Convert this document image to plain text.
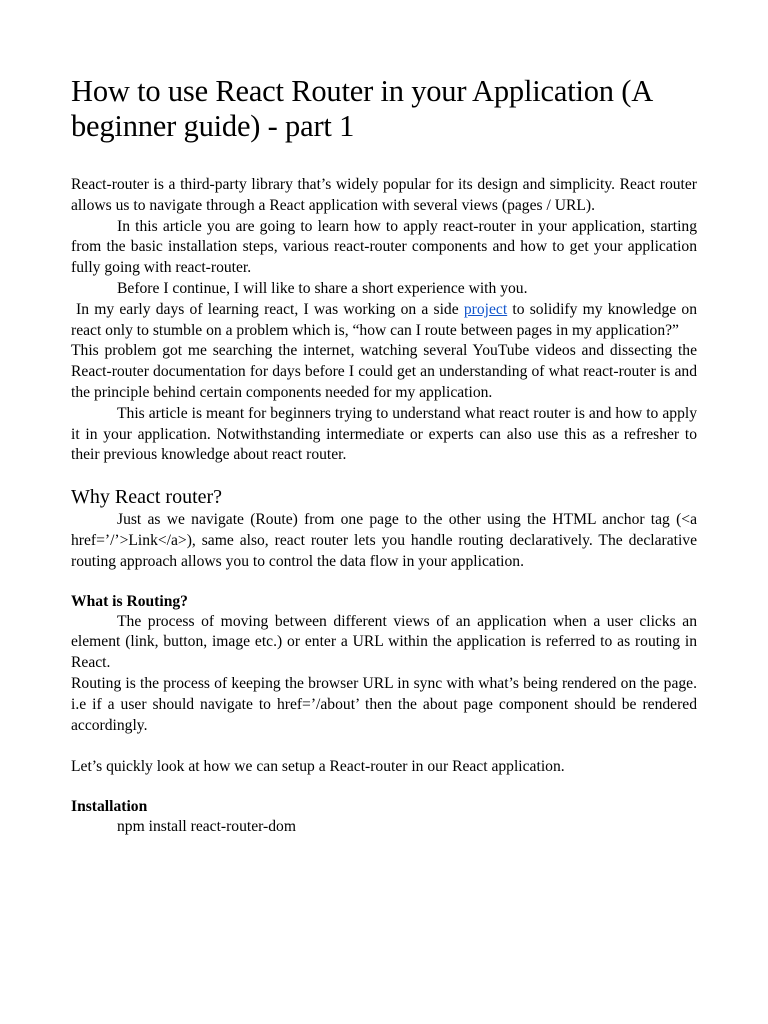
How to use React Router in your Application (A beginner guide) - part 1

React-router is a third-party library that’s widely popular for its design and simplicity. React router allows us to navigate through a React application with several views (pages / URL).

In this article you are going to learn how to apply react-router in your application, starting from the basic installation steps, various react-router components and how to get your application fully going with react-router.

Before I continue, I will like to share a short experience with you.

In my early days of learning react, I was working on a side project to solidify my knowledge on react only to stumble on a problem which is, “how can I route between pages in my application?”

This problem got me searching the internet, watching several YouTube videos and dissecting the React-router documentation for days before I could get an understanding of what react-router is and the principle behind certain components needed for my application.

This article is meant for beginners trying to understand what react router is and how to apply it in your application. Notwithstanding intermediate or experts can also use this as a refresher to their previous knowledge about react router.

Why React router?

Just as we navigate (Route) from one page to the other using the HTML anchor tag (<a href=’/’>Link</a>), same also, react router lets you handle routing declaratively. The declarative routing approach allows you to control the data flow in your application.

What is Routing?

The process of moving between different views of an application when a user clicks an element (link, button, image etc.) or enter a URL within the application is referred to as routing in React.

Routing is the process of keeping the browser URL in sync with what’s being rendered on the page. i.e if a user should navigate to href=’/about’ then the about page component should be rendered accordingly.

Let’s quickly look at how we can setup a React-router in our React application.

Installation

npm install react-router-dom
